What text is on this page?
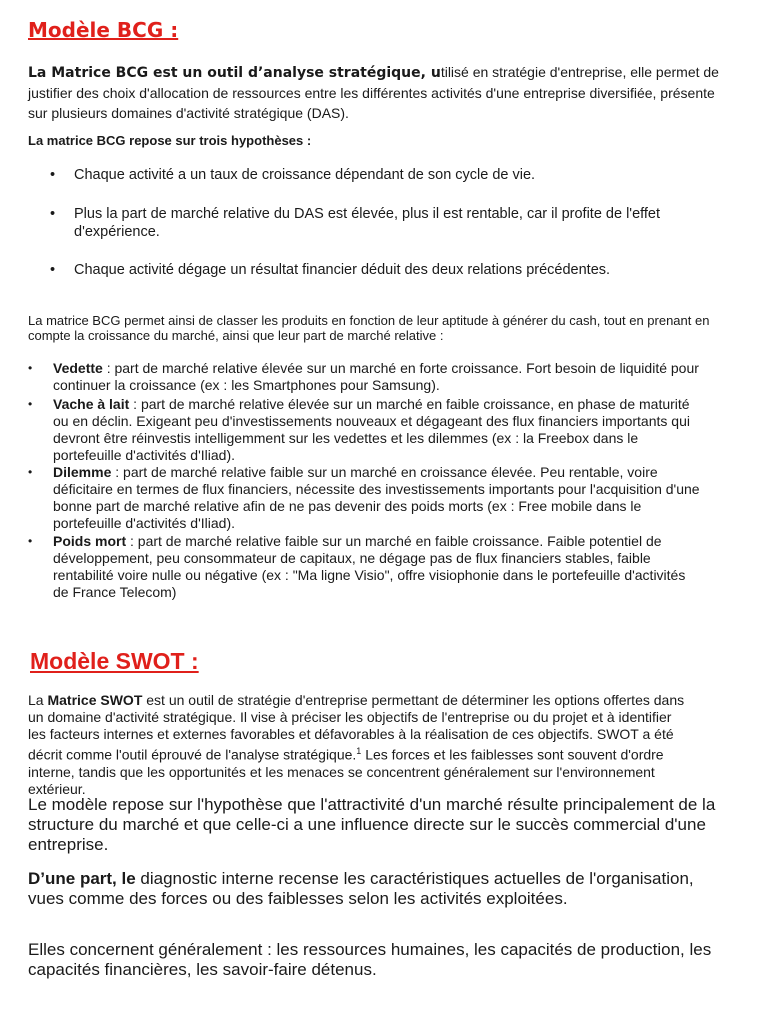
Modèle BCG :
La Matrice BCG est un outil d’analyse stratégique, utilisé en stratégie d'entreprise, elle permet de justifier des choix d'allocation de ressources entre les différentes activités d'une entreprise diversifiée, présente sur plusieurs domaines d'activité stratégique (DAS).
La matrice BCG repose sur trois hypothèses :
• Chaque activité a un taux de croissance dépendant de son cycle de vie.
• Plus la part de marché relative du DAS est élevée, plus il est rentable, car il profite de l'effet d'expérience.
• Chaque activité dégage un résultat financier déduit des deux relations précédentes.
La matrice BCG permet ainsi de classer les produits en fonction de leur aptitude à générer du cash, tout en prenant en compte la croissance du marché, ainsi que leur part de marché relative :
• Vedette : part de marché relative élevée sur un marché en forte croissance. Fort besoin de liquidité pour continuer la croissance (ex : les Smartphones pour Samsung).
• Vache à lait : part de marché relative élevée sur un marché en faible croissance, en phase de maturité ou en déclin. Exigeant peu d'investissements nouveaux et dégageant des flux financiers importants qui devront être réinvestis intelligemment sur les vedettes et les dilemmes (ex : la Freebox dans le portefeuille d'activités d'Iliad).
• Dilemme : part de marché relative faible sur un marché en croissance élevée. Peu rentable, voire déficitaire en termes de flux financiers, nécessite des investissements importants pour l'acquisition d'une bonne part de marché relative afin de ne pas devenir des poids morts (ex : Free mobile dans le portefeuille d'activités d'Iliad).
• Poids mort : part de marché relative faible sur un marché en faible croissance. Faible potentiel de développement, peu consommateur de capitaux, ne dégage pas de flux financiers stables, faible rentabilité voire nulle ou négative (ex : "Ma ligne Visio", offre visiophonie dans le portefeuille d'activités de France Telecom)
Modèle SWOT :
La Matrice SWOT est un outil de stratégie d'entreprise permettant de déterminer les options offertes dans un domaine d'activité stratégique. Il vise à préciser les objectifs de l'entreprise ou du projet et à identifier les facteurs internes et externes favorables et défavorables à la réalisation de ces objectifs. SWOT a été décrit comme l'outil éprouvé de l'analyse stratégique.$^1$ Les forces et les faiblesses sont souvent d'ordre interne, tandis que les opportunités et les menaces se concentrent généralement sur l'environnement extérieur.
Le modèle repose sur l'hypothèse que l'attractivité d'un marché résulte principalement de la structure du marché et que celle-ci a une influence directe sur le succès commercial d'une entreprise.
D’une part, le diagnostic interne recense les caractéristiques actuelles de l'organisation, vues comme des forces ou des faiblesses selon les activités exploitées.
Elles concernent généralement : les ressources humaines, les capacités de production, les capacités financières, les savoir-faire détenus.
